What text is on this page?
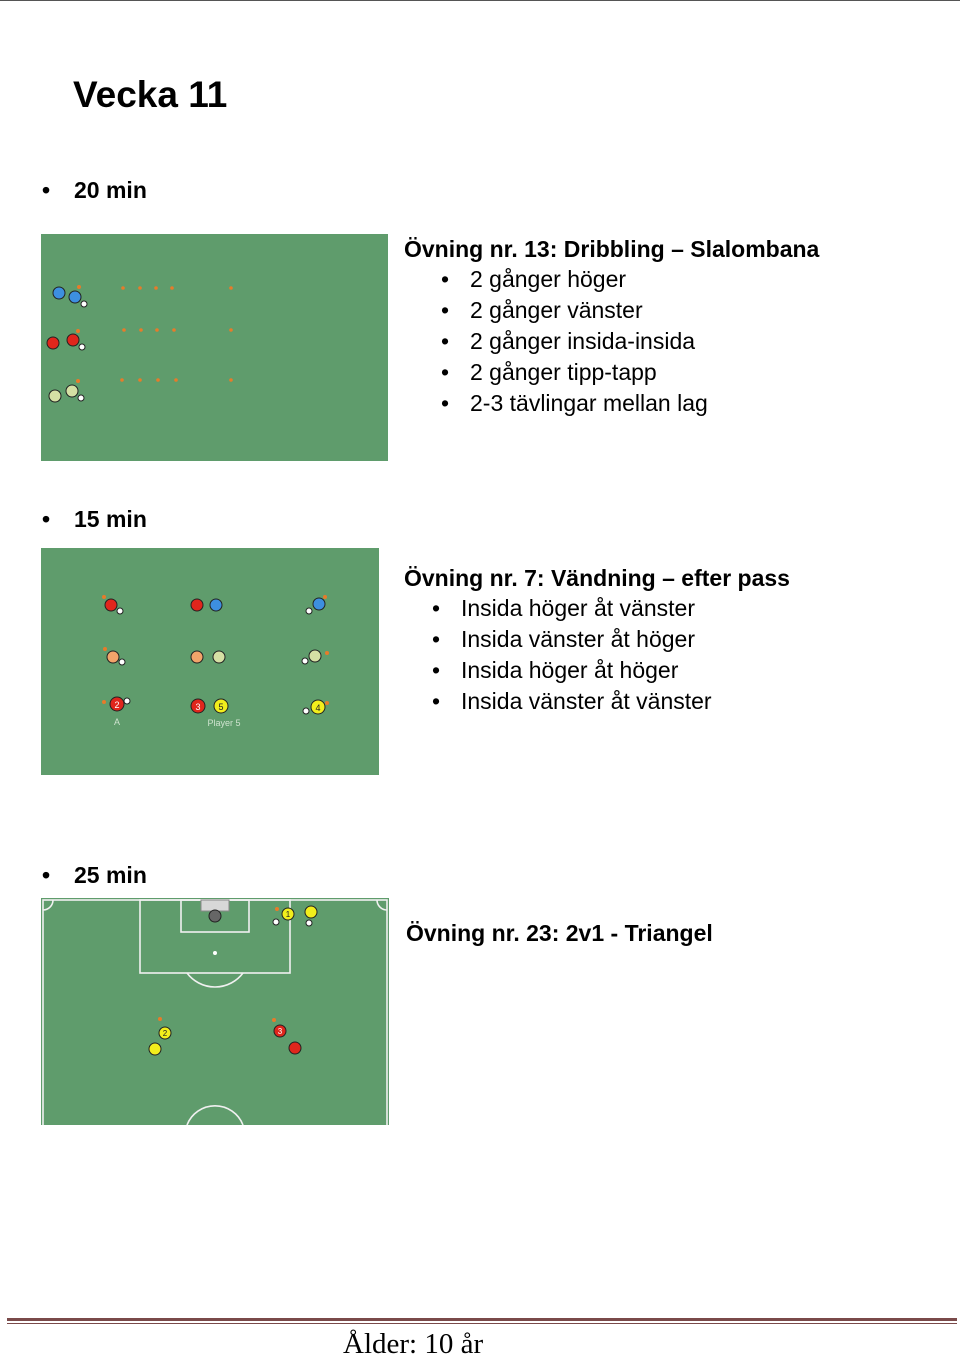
Vecka 11
• 20 min
Övning nr. 13: Dribbling – Slalombana
• 2 gånger höger
• 2 gånger vänster
• 2 gånger insida-insida
• 2 gånger tipp-tapp
• 2-3 tävlingar mellan lag
• 15 min
2
A
3 5
Player 5
4
Övning nr. 7: Vändning – efter pass
• Insida höger åt vänster
• Insida vänster åt höger
• Insida höger åt höger
• Insida vänster åt vänster
• 25 min
1
2	3
Övning nr. 23: 2v1 - Triangel
Ålder: 10 år
